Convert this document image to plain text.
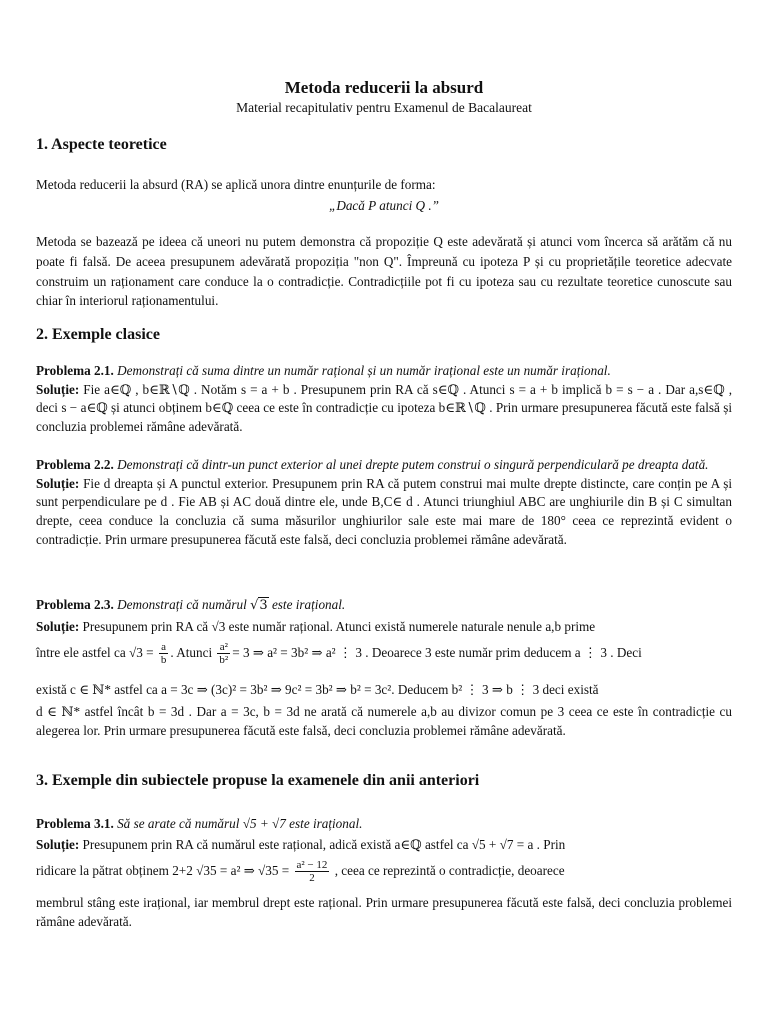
Metoda reducerii la absurd
Material recapitulativ pentru Examenul de Bacalaureat
1. Aspecte teoretice
Metoda reducerii la absurd (RA) se aplică unora dintre enunțurile de forma:
„Dacă P atunci Q .”
Metoda se bazează pe ideea că uneori nu putem demonstra că propoziție Q este adevărată și atunci vom încerca să arătăm că nu poate fi falsă. De aceea presupunem adevărată propoziția "non Q". Împreună cu ipoteza P și cu proprietățile teoretice adecvate construim un raționament care conduce la o contradicție. Contradicțiile pot fi cu ipoteza sau cu rezultate teoretice cunoscute sau chiar în interiorul raționamentului.
2. Exemple clasice
Problema 2.1. Demonstrați că suma dintre un număr rațional și un număr irațional este un număr irațional.
Soluție: Fie a∈ℚ , b∈ℝ∖ℚ . Notăm s = a + b . Presupunem prin RA că s∈ℚ . Atunci s = a + b implică b = s − a . Dar a,s∈ℚ , deci s − a∈ℚ și atunci obținem b∈ℚ ceea ce este în contradicție cu ipoteza b∈ℝ∖ℚ . Prin urmare presupunerea făcută este falsă și concluzia problemei rămâne adevărată.
Problema 2.2. Demonstrați că dintr-un punct exterior al unei drepte putem construi o singură perpendiculară pe dreapta dată.
Soluție: Fie d dreapta și A punctul exterior. Presupunem prin RA că putem construi mai multe drepte distincte, care conțin pe A și sunt perpendiculare pe d . Fie AB și AC două dintre ele, unde B,C∈ d . Atunci triunghiul ABC are unghiurile din B și C simultan drepte, ceea conduce la concluzia că suma măsurilor unghiurilor sale este mai mare de 180° ceea ce reprezintă evident o contradicție. Prin urmare presupunerea făcută este falsă, deci concluzia problemei rămâne adevărată.
Problema 2.3. Demonstrați că numărul √3 este irațional.
Soluție: Presupunem prin RA că √3 este număr rațional. Atunci există numerele naturale nenule a,b prime
între ele astfel ca $√3 = \frac{a}{b}$ . Atunci $\frac{\text{a²}}{\text{b²}} = 3$ ⇒ a² = 3b² ⇒ a² ⋮ 3 . Deoarece 3 este număr prim deducem a ⋮ 3 . Deci
există c ∈ ℕ* astfel ca a = 3c ⇒ (3c)² = 3b² ⇒ 9c² = 3b² ⇒ b² = 3c². Deducem b² ⋮ 3 ⇒ b ⋮ 3 deci există
d ∈ ℕ* astfel încât b = 3d . Dar a = 3c, b = 3d ne arată că numerele a,b au divizor comun pe 3 ceea ce este în contradicție cu alegerea lor. Prin urmare presupunerea făcută este falsă, deci concluzia problemei rămâne adevărată.
3. Exemple din subiectele propuse la examenele din anii anteriori
Problema 3.1. Să se arate că numărul √5 + √7 este irațional.
Soluție: Presupunem prin RA că numărul este rațional, adică există a∈ℚ astfel ca √5 + √7 = a . Prin
ridicare la pătrat obținem 2+2 √35 = a² ⇒ $√35 = \frac{\text{a² − 12}}{2}$ , ceea ce reprezintă o contradicție, deoarece
membrul stâng este irațional, iar membrul drept este rațional. Prin urmare presupunerea făcută este falsă, deci concluzia problemei rămâne adevărată.
